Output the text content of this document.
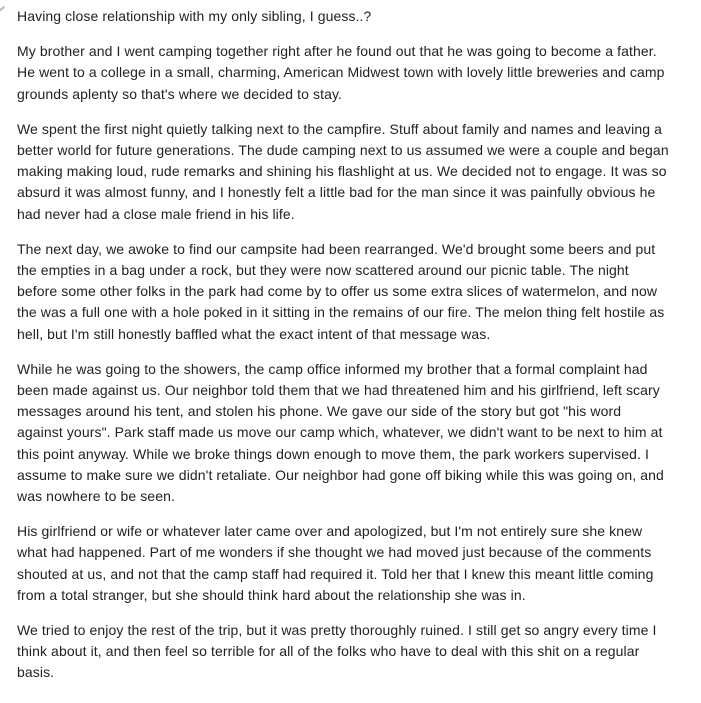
Having close relationship with my only sibling, I guess..?

My brother and I went camping together right after he found out that he was going to become a father. He went to a college in a small, charming, American Midwest town with lovely little breweries and camp grounds aplenty so that's where we decided to stay.

We spent the first night quietly talking next to the campfire. Stuff about family and names and leaving a better world for future generations. The dude camping next to us assumed we were a couple and began making making loud, rude remarks and shining his flashlight at us. We decided not to engage. It was so absurd it was almost funny, and I honestly felt a little bad for the man since it was painfully obvious he had never had a close male friend in his life.

The next day, we awoke to find our campsite had been rearranged. We'd brought some beers and put the empties in a bag under a rock, but they were now scattered around our picnic table. The night before some other folks in the park had come by to offer us some extra slices of watermelon, and now the was a full one with a hole poked in it sitting in the remains of our fire. The melon thing felt hostile as hell, but I'm still honestly baffled what the exact intent of that message was.

While he was going to the showers, the camp office informed my brother that a formal complaint had been made against us. Our neighbor told them that we had threatened him and his girlfriend, left scary messages around his tent, and stolen his phone. We gave our side of the story but got "his word against yours". Park staff made us move our camp which, whatever, we didn't want to be next to him at this point anyway. While we broke things down enough to move them, the park workers supervised. I assume to make sure we didn't retaliate. Our neighbor had gone off biking while this was going on, and was nowhere to be seen.

His girlfriend or wife or whatever later came over and apologized, but I'm not entirely sure she knew what had happened. Part of me wonders if she thought we had moved just because of the comments shouted at us, and not that the camp staff had required it. Told her that I knew this meant little coming from a total stranger, but she should think hard about the relationship she was in.

We tried to enjoy the rest of the trip, but it was pretty thoroughly ruined. I still get so angry every time I think about it, and then feel so terrible for all of the folks who have to deal with this shit on a regular basis.
